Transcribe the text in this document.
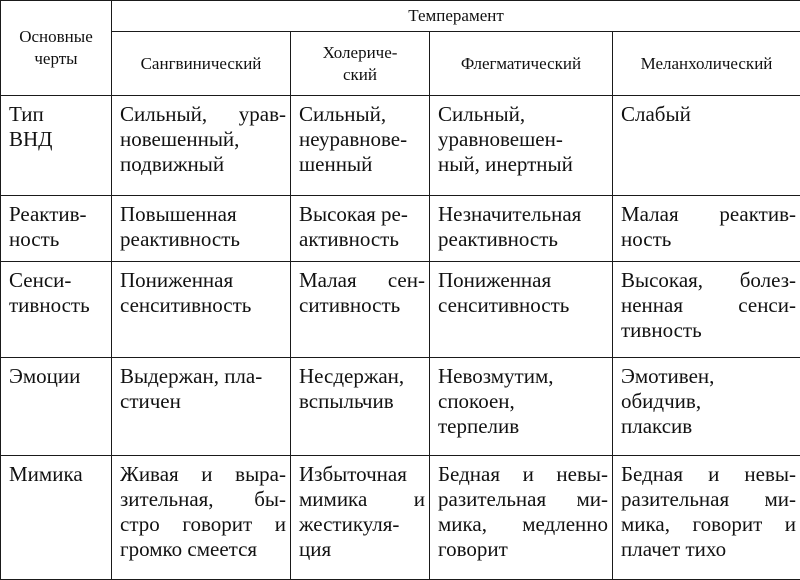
Основные
черты	Темперамент			

	Сангвинический	Холеричe-
ский	Флегматический	Меланхолический

Тип
ВНД	Сильный, урав-
новешенный,
подвижный	Сильный,
неуравнове-
шенный	Сильный,
уравновешен-
ный, инертный	Слабый

Реактив-
ность	Повышенная
реактивность	Высокая ре-
активность	Незначительная
реактивность	Малая реактив-
ность

Сенси-
тивность	Пониженная
сенситивность	Малая сен-
ситивность	Пониженная
сенситивность	Высокая, болез-
ненная сенси-
тивность

Эмоции	Выдержан, пла-
стичен	Несдержан,
вспыльчив	Невозмутим,
спокоен,
терпелив	Эмотивен,
обидчив,
плаксив

Мимика	Живая и выра-
зительная, бы-
стро говорит и
громко смеется	Избыточная
мимика и
жестикуля-
ция	Бедная и невы-
разительная ми-
мика, медленно
говорит	Бедная и невы-
разительная ми-
мика, говорит и
плачет тихо
